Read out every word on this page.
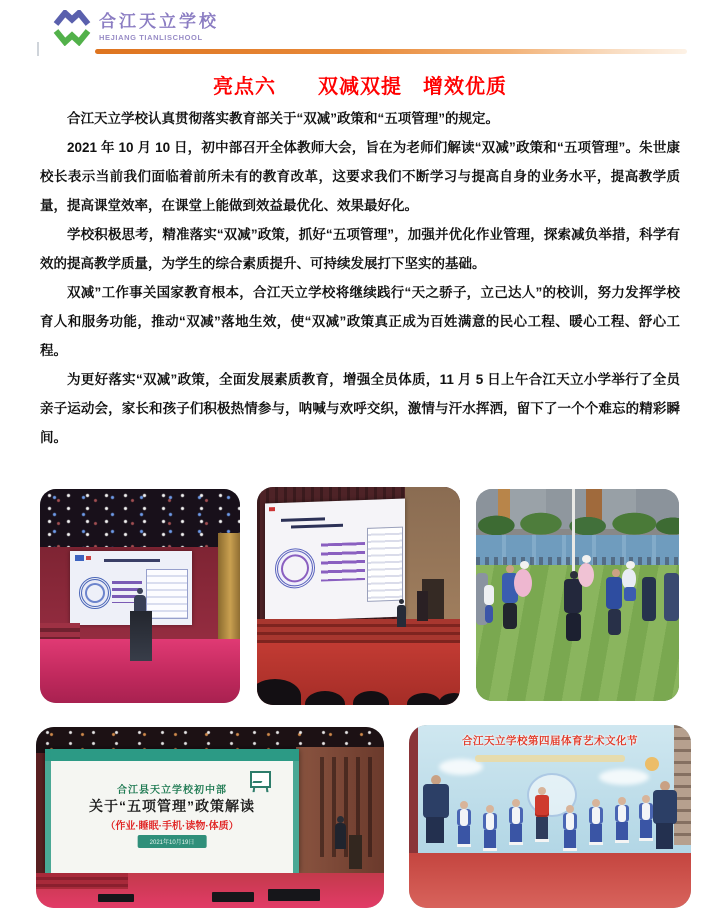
合江天立学校
HEJIANG TIANLISCHOOL
亮点六　　双减双提　增效优质

合江天立学校认真贯彻落实教育部关于“双减”政策和“五项管理”的规定。

2021 年 10 月 10 日，初中部召开全体教师大会，旨在为老师们解读“双减”政策和“五项管理”。朱世康校长表示当前我们面临着前所未有的教育改革，这要求我们不断学习与提高自身的业务水平，提高教学质量，提高课堂效率，在课堂上能做到效益最优化、效果最好化。

学校积极思考，精准落实“双减”政策，抓好“五项管理”，加强并优化作业管理，探索减负举措，科学有效的提高教学质量，为学生的综合素质提升、可持续发展打下坚实的基础。

双减”工作事关国家教育根本，合江天立学校将继续践行“天之骄子，立己达人”的校训，努力发挥学校育人和服务功能，推动“双减”落地生效，使“双减”政策真正成为百姓满意的民心工程、暖心工程、舒心工程。

为更好落实“双减”政策，全面发展素质教育，增强全员体质，11 月 5 日上午合江天立小学举行了全员亲子运动会，家长和孩子们积极热情参与，呐喊与欢呼交织，激情与汗水挥洒，留下了一个个难忘的精彩瞬间。

合江县天立学校初中部
关于“五项管理”政策解读
（作业·睡眠·手机·读物·体质）
2021年10月19日
合江天立学校第四届体育艺术文化节
